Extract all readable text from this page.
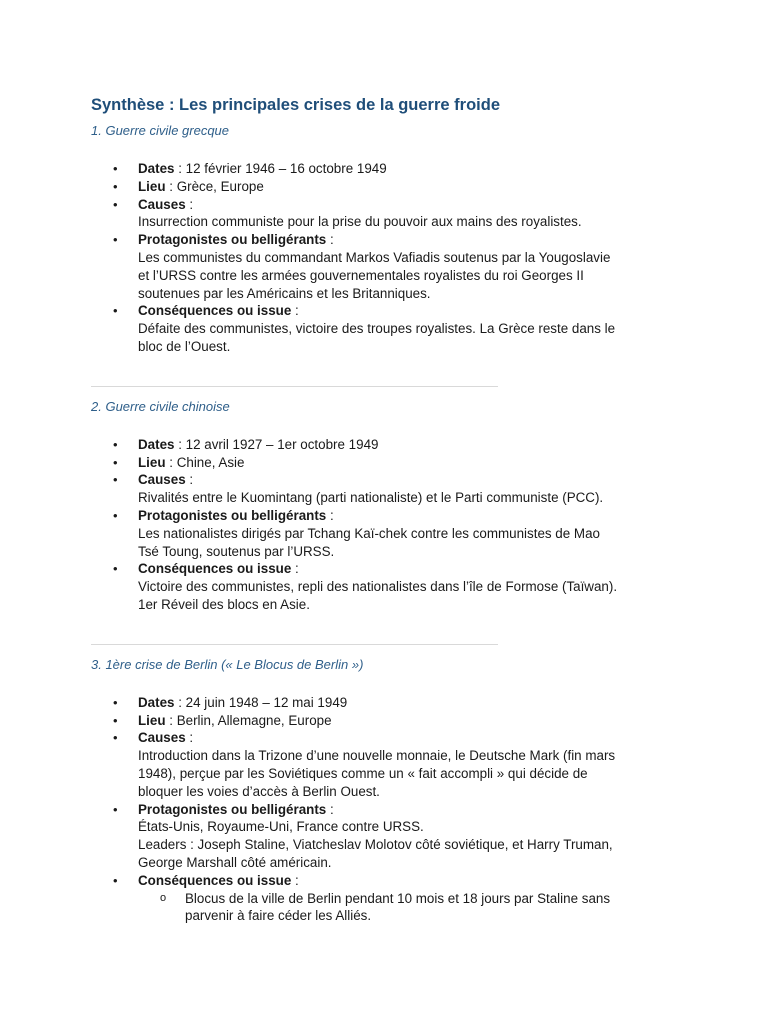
Synthèse : Les principales crises de la guerre froide

1. Guerre civile grecque

• Dates : 12 février 1946 – 16 octobre 1949
• Lieu : Grèce, Europe
• Causes :
Insurrection communiste pour la prise du pouvoir aux mains des royalistes.
• Protagonistes ou belligérants :
Les communistes du commandant Markos Vafiadis soutenus par la Yougoslavie
et l’URSS contre les armées gouvernementales royalistes du roi Georges II
soutenues par les Américains et les Britanniques.
• Conséquences ou issue :
Défaite des communistes, victoire des troupes royalistes. La Grèce reste dans le
bloc de l’Ouest.

2. Guerre civile chinoise

• Dates : 12 avril 1927 – 1er octobre 1949
• Lieu : Chine, Asie
• Causes :
Rivalités entre le Kuomintang (parti nationaliste) et le Parti communiste (PCC).
• Protagonistes ou belligérants :
Les nationalistes dirigés par Tchang Kaï-chek contre les communistes de Mao
Tsé Toung, soutenus par l’URSS.
• Conséquences ou issue :
Victoire des communistes, repli des nationalistes dans l’île de Formose (Taïwan).
1er Réveil des blocs en Asie.

3. 1ère crise de Berlin (« Le Blocus de Berlin »)

• Dates : 24 juin 1948 – 12 mai 1949
• Lieu : Berlin, Allemagne, Europe
• Causes :
Introduction dans la Trizone d’une nouvelle monnaie, le Deutsche Mark (fin mars
1948), perçue par les Soviétiques comme un « fait accompli » qui décide de
bloquer les voies d’accès à Berlin Ouest.
• Protagonistes ou belligérants :
États-Unis, Royaume-Uni, France contre URSS.
Leaders : Joseph Staline, Viatcheslav Molotov côté soviétique, et Harry Truman,
George Marshall côté américain.
• Conséquences ou issue :
o Blocus de la ville de Berlin pendant 10 mois et 18 jours par Staline sans
parvenir à faire céder les Alliés.
